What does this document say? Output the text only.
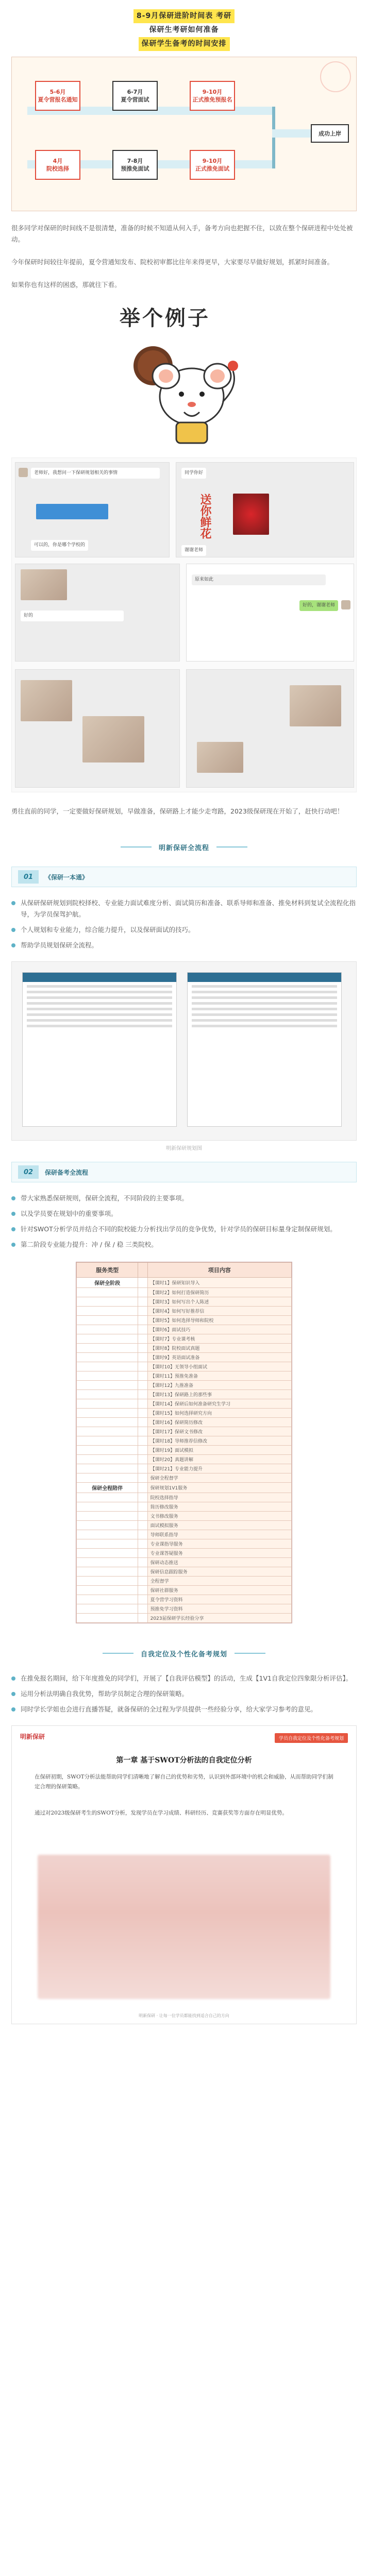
8-9月保研进阶时间表 考研
保研生考研如何准备
保研学生备考的时间安排
5-6月
夏令营报名通知
6-7月
夏令营面试
9-10月
正式推免预报名
4月
院校选择
7-8月
预推免面试
9-10月
正式推免面试
成功上岸
很多同学对保研的时间线不是很清楚，准备的时候不知道从何入手，备考方向也把握不住，以致在整个保研进程中处处被动。
今年保研时间较往年提前，夏令营通知发布、院校初审都比往年来得更早，大家要尽早做好规划，抓紧时间准备。
如果你也有这样的困惑，那就往下看。
举个例子
老师好，我想问一下保研规划相关的事情
可以的，你是哪个学校的
同学你好
送你鲜花
谢谢老师
好的
原来如此
好的，谢谢老师
勇往直前的同学，一定要做好保研规划，早做准备，保研路上才能少走弯路，2023级保研现在开始了，赶快行动吧！
明新保研全流程
01	《保研一本通》
从保研保研规划到院校择校、专业能力面试难度分析、面试简历和准备、联系导师和准备、推免材料到复试全流程化指导，为学员保驾护航。
个人规划和专业能力，综合能力提升，以及保研面试的技巧。
帮助学员规划保研全流程。
明新保研规划图
02	保研备考全流程
带大家熟悉保研规则，保研全流程，不同阶段的主要事项。
以及学员要在规划中的重要事项。
针对SWOT分析学员并结合不同的院校能力分析找出学员的竞争优势，针对学员的保研目标量身定制保研规划。
第二阶段专业能力提升：冲 / 保 / 稳 三类院校。
服务类型		项目内容
保研全阶段		【课时1】保研知识导入
		【课时2】如何打造保研简历
		【课时3】如何写出个人陈述
		【课时4】如何写好推荐信
		【课时5】如何选择导师和院校
		【课时6】面试技巧
		【课时7】专业课考核
		【课时8】院校面试真题
		【课时9】英语面试准备
		【课时10】无领导小组面试
		【课时11】预推免准备
		【课时12】九推准备
		【课时13】保研路上的那些事
		【课时14】保研后如何准备研究生学习
		【课时15】如何选择研究方向
		【课时16】保研简历修改
		【课时17】保研文书修改
		【课时18】导师推荐信修改
		【课时19】面试模拟
		【课时20】真题讲解
		【课时21】专业能力提升
		保研全程督学
保研全程陪伴		保研规划1V1服务
		院校选择指导
		简历修改服务
		文书修改服务
		面试模拟服务
		导师联系指导
		专业课指导服务
		专业课答疑服务
		保研动态推送
		保研信息跟踪服务
		全程督学
		保研社群服务
		夏令营学习资料
		预推免学习资料
		2023届保研学长经验分享
自我定位及个性化备考规划
在推免报名期间，给下年度推免的同学们，开展了【自我评估模型】的活动，生成【1V1自我定位四象限分析评估】。
运用分析法明确自我优势，帮助学员制定合理的保研策略。
同时学长学姐也会进行直播答疑，就备保研的全过程为学员提供一些经验分享，给大家学习参考的意见。
明新保研	学员自我定位及个性化备考规划
第一章 基于SWOT分析法的自我定位分析
在保研初期，SWOT分析法能帮助同学们清晰地了解自己的优势和劣势，认识到外部环境中的机会和威胁，从而帮助同学们制定合理的保研策略。
通过对2023级保研考生的SWOT分析，发现学员在学习成绩、科研经历、竞赛获奖等方面存在明显优势。
明新保研 · 让每一位学员都能找到适合自己的方向
